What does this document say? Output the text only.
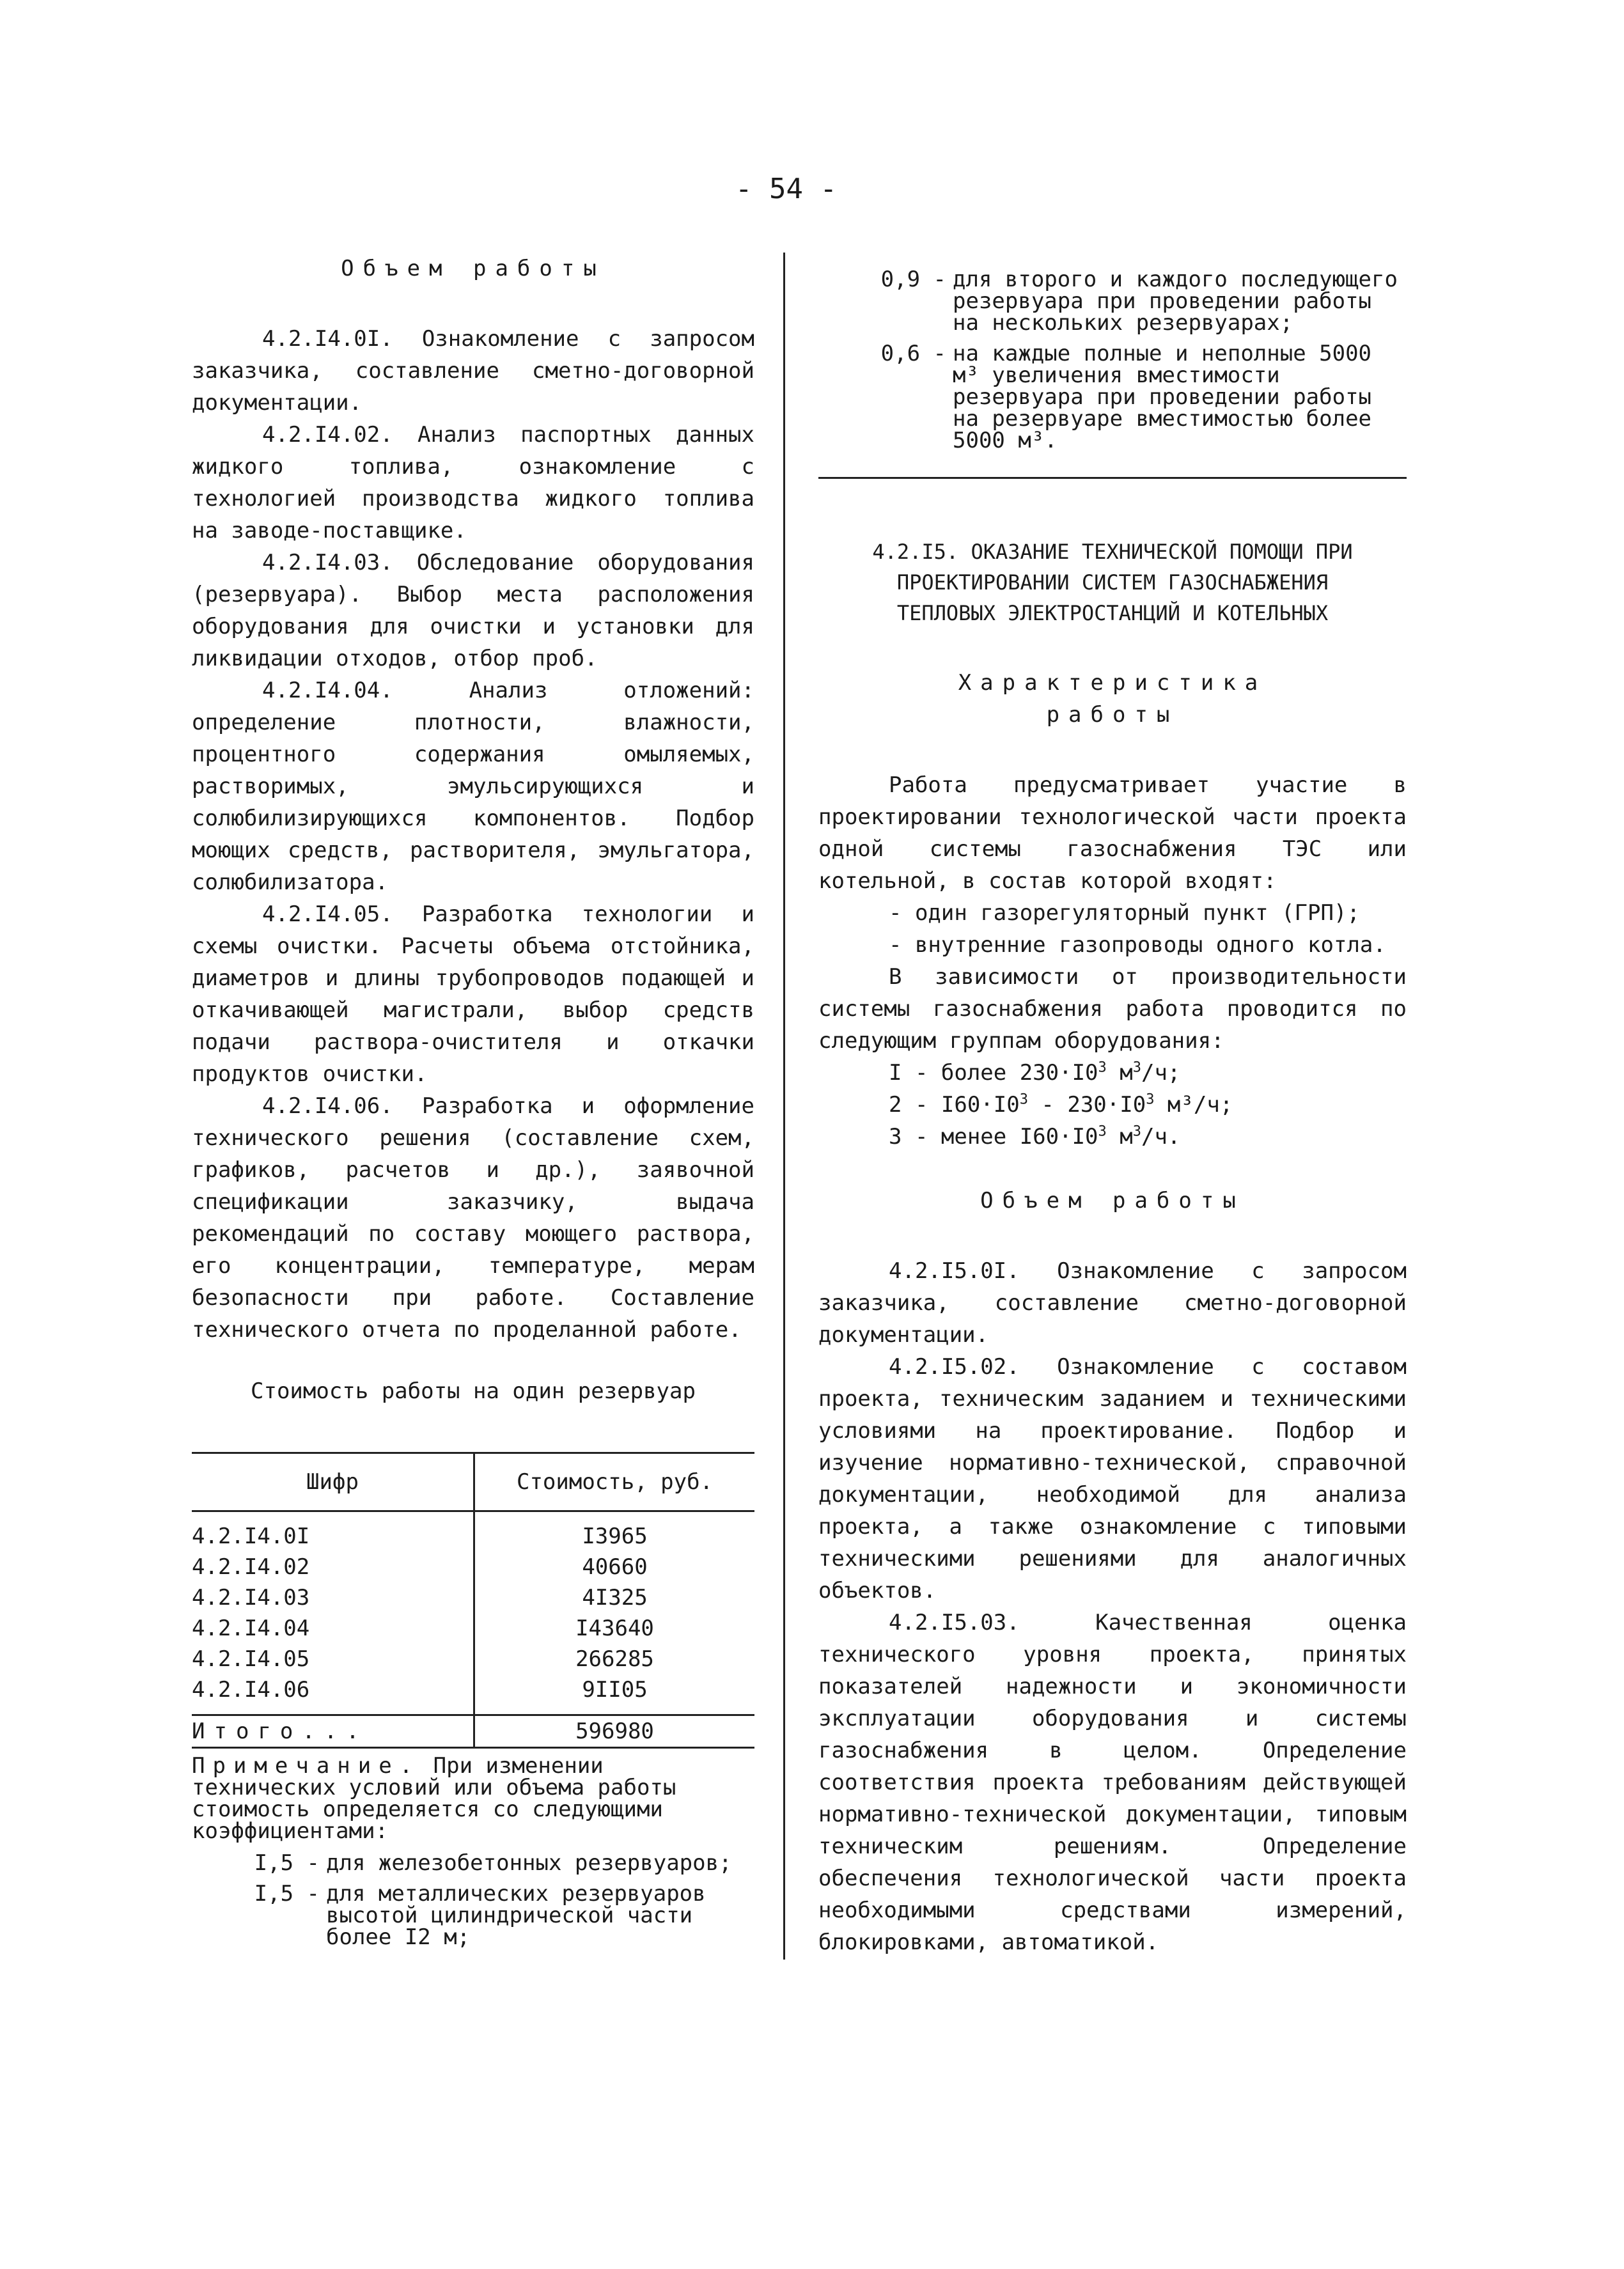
- 54 -
Объем работы

4.2.I4.0I. Ознакомление с запросом заказчика, составление сметно-договорной документации.

4.2.I4.02. Анализ паспортных данных жидкого топлива, ознакомление с технологией производства жидкого топлива на заводе-поставщике.

4.2.I4.03. Обследование оборудования (резервуара). Выбор места расположения оборудования для очистки и установки для ликвидации отходов, отбор проб.

4.2.I4.04. Анализ отложений: определение плотности, влажности, процентного содержания омыляемых, растворимых, эмульсирующихся и солюбилизирующихся компонентов. Подбор моющих средств, растворителя, эмульгатора, солюбилизатора.

4.2.I4.05. Разработка технологии и схемы очистки. Расчеты объема отстойника, диаметров и длины трубопроводов подающей и откачивающей магистрали, выбор средств подачи раствора-очистителя и откачки продуктов очистки.

4.2.I4.06. Разработка и оформление технического решения (составление схем, графиков, расчетов и др.), заявочной спецификации заказчику, выдача рекомендаций по составу моющего раствора, его концентрации, температуре, мерам безопасности при работе. Составление технического отчета по проделанной работе.

Стоимость работы на один резервуар
Шифр	Стоимость, руб.
4.2.I4.0I	I3965
4.2.I4.02	40660
4.2.I4.03	4I325
4.2.I4.04	I43640
4.2.I4.05	266285
4.2.I4.06	9II05
Итого...	596980
Примечание. При изменении технических условий или объема работы стоимость определяется со следующими коэффициентами:
I,5 - для железобетонных резервуаров;
I,5 - для металлических резервуаров высотой цилиндрической части более I2 м;
0,9 - для второго и каждого последующего резервуара при проведении работы на нескольких резервуарах;
0,6 - на каждые полные и неполные 5000 м³ увеличения вместимости резервуара при проведении работы на резервуаре вместимостью более 5000 м³.
4.2.I5. ОКАЗАНИЕ ТЕХНИЧЕСКОЙ ПОМОЩИ ПРИ ПРОЕКТИРОВАНИИ СИСТЕМ ГАЗОСНАБЖЕНИЯ ТЕПЛОВЫХ ЭЛЕКТРОСТАНЦИЙ И КОТЕЛЬНЫХ
Характеристика
работы

Работа предусматривает участие в проектировании технологической части проекта одной системы газоснабжения ТЭС или котельной, в состав которой входят:

- один газорегуляторный пункт (ГРП);

- внутренние газопроводы одного котла.

В зависимости от производительности системы газоснабжения работа проводится по следующим группам оборудования:

I - более $230\cdot I0^3$ $м^3/ч$;
$2 - I60\cdot I0^3 - 230\cdot I0^3$ м³/ч;
3 - менее $I60\cdot I0^3$ $м^3/ч$.
Объем работы

4.2.I5.0I. Ознакомление с запросом заказчика, составление сметно-договорной документации.

4.2.I5.02. Ознакомление с составом проекта, техническим заданием и техническими условиями на проектирование. Подбор и изучение нормативно-технической, справочной документации, необходимой для анализа проекта, а также ознакомление с типовыми техническими решениями для аналогичных объектов.

4.2.I5.03. Качественная оценка технического уровня проекта, принятых показателей надежности и экономичности эксплуатации оборудования и системы газоснабжения в целом. Определение соответствия проекта требованиям действующей нормативно-технической документации, типовым техническим решениям. Определение обеспечения технологической части проекта необходимыми средствами измерений, блокировками, автоматикой.
